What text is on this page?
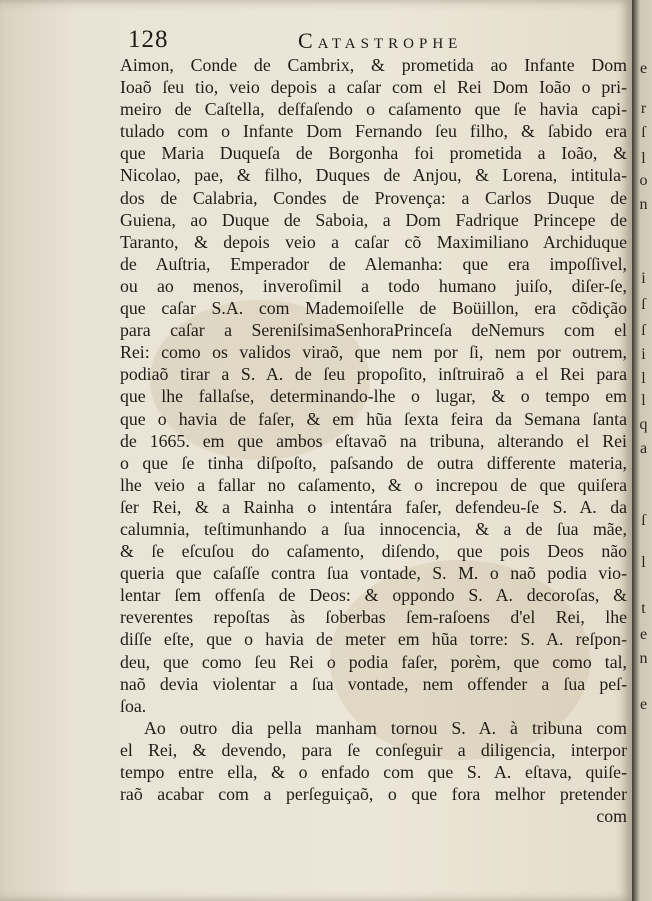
128	Catastrophe
Aimon, Conde de Cambrix, & prometida ao Infante Dom
Ioaõ ſeu tio, veio depois a caſar com el Rei Dom Ioão o pri-
meiro de Caſtella, deſfaſendo o caſamento que ſe havia capi-
tulado com o Infante Dom Fernando ſeu filho, & ſabido era
que Maria Duqueſa de Borgonha foi prometida a Ioão, &
Nicolao, pae, & filho, Duques de Anjou, & Lorena, intitula-
dos de Calabria, Condes de Provença: a Carlos Duque de
Guiena, ao Duque de Saboia, a Dom Fadrique Princepe de
Taranto, & depois veio a caſar cõ Maximiliano Archiduque
de Auſtria, Emperador de Alemanha: que era impoſſivel,
ou ao menos, inveroſimil a todo humano juiſo, diſer-ſe,
que caſar S.A. com Mademoiſelle de Boüillon, era cõdição
para caſar a SereniſsimaSenhoraPrinceſa deNemurs com el
Rei: como os validos viraõ, que nem por ſi, nem por outrem,
podiaõ tirar a S. A. de ſeu propoſito, inſtruiraõ a el Rei para
que lhe fallaſse, determinando-lhe o lugar, & o tempo em
que o havia de faſer, & em hũa ſexta feira da Semana ſanta
de 1665. em que ambos eſtavaõ na tribuna, alterando el Rei
o que ſe tinha diſpoſto, paſsando de outra differente materia,
lhe veio a fallar no caſamento, & o increpou de que quiſera
ſer Rei, & a Rainha o intentára faſer, defendeu-ſe S. A. da
calumnia, teſtimunhando a ſua innocencia, & a de ſua mãe,
& ſe eſcuſou do caſamento, diſendo, que pois Deos não
queria que caſaſſe contra ſua vontade, S. M. o naõ podia vio-
lentar ſem offenſa de Deos: & oppondo S. A. decoroſas, &
reverentes repoſtas às ſoberbas ſem-raſoens d'el Rei, lhe
diſſe eſte, que o havia de meter em hũa torre: S. A. reſpon-
deu, que como ſeu Rei o podia faſer, porèm, que como tal,
naõ devia violentar a ſua vontade, nem offender a ſua peſ-
ſoa.
Ao outro dia pella manham tornou S. A. à tribuna com
el Rei, & devendo, para ſe conſeguir a diligencia, interpor
tempo entre ella, & o enfado com que S. A. eſtava, quiſe-
raõ acabar com a perſeguiçaõ, o que fora melhor pretender
com
e
r
ſ
l
o
n
i
ſ
ſ
i
l
l
q
a
ſ
l
t
e
n
e
